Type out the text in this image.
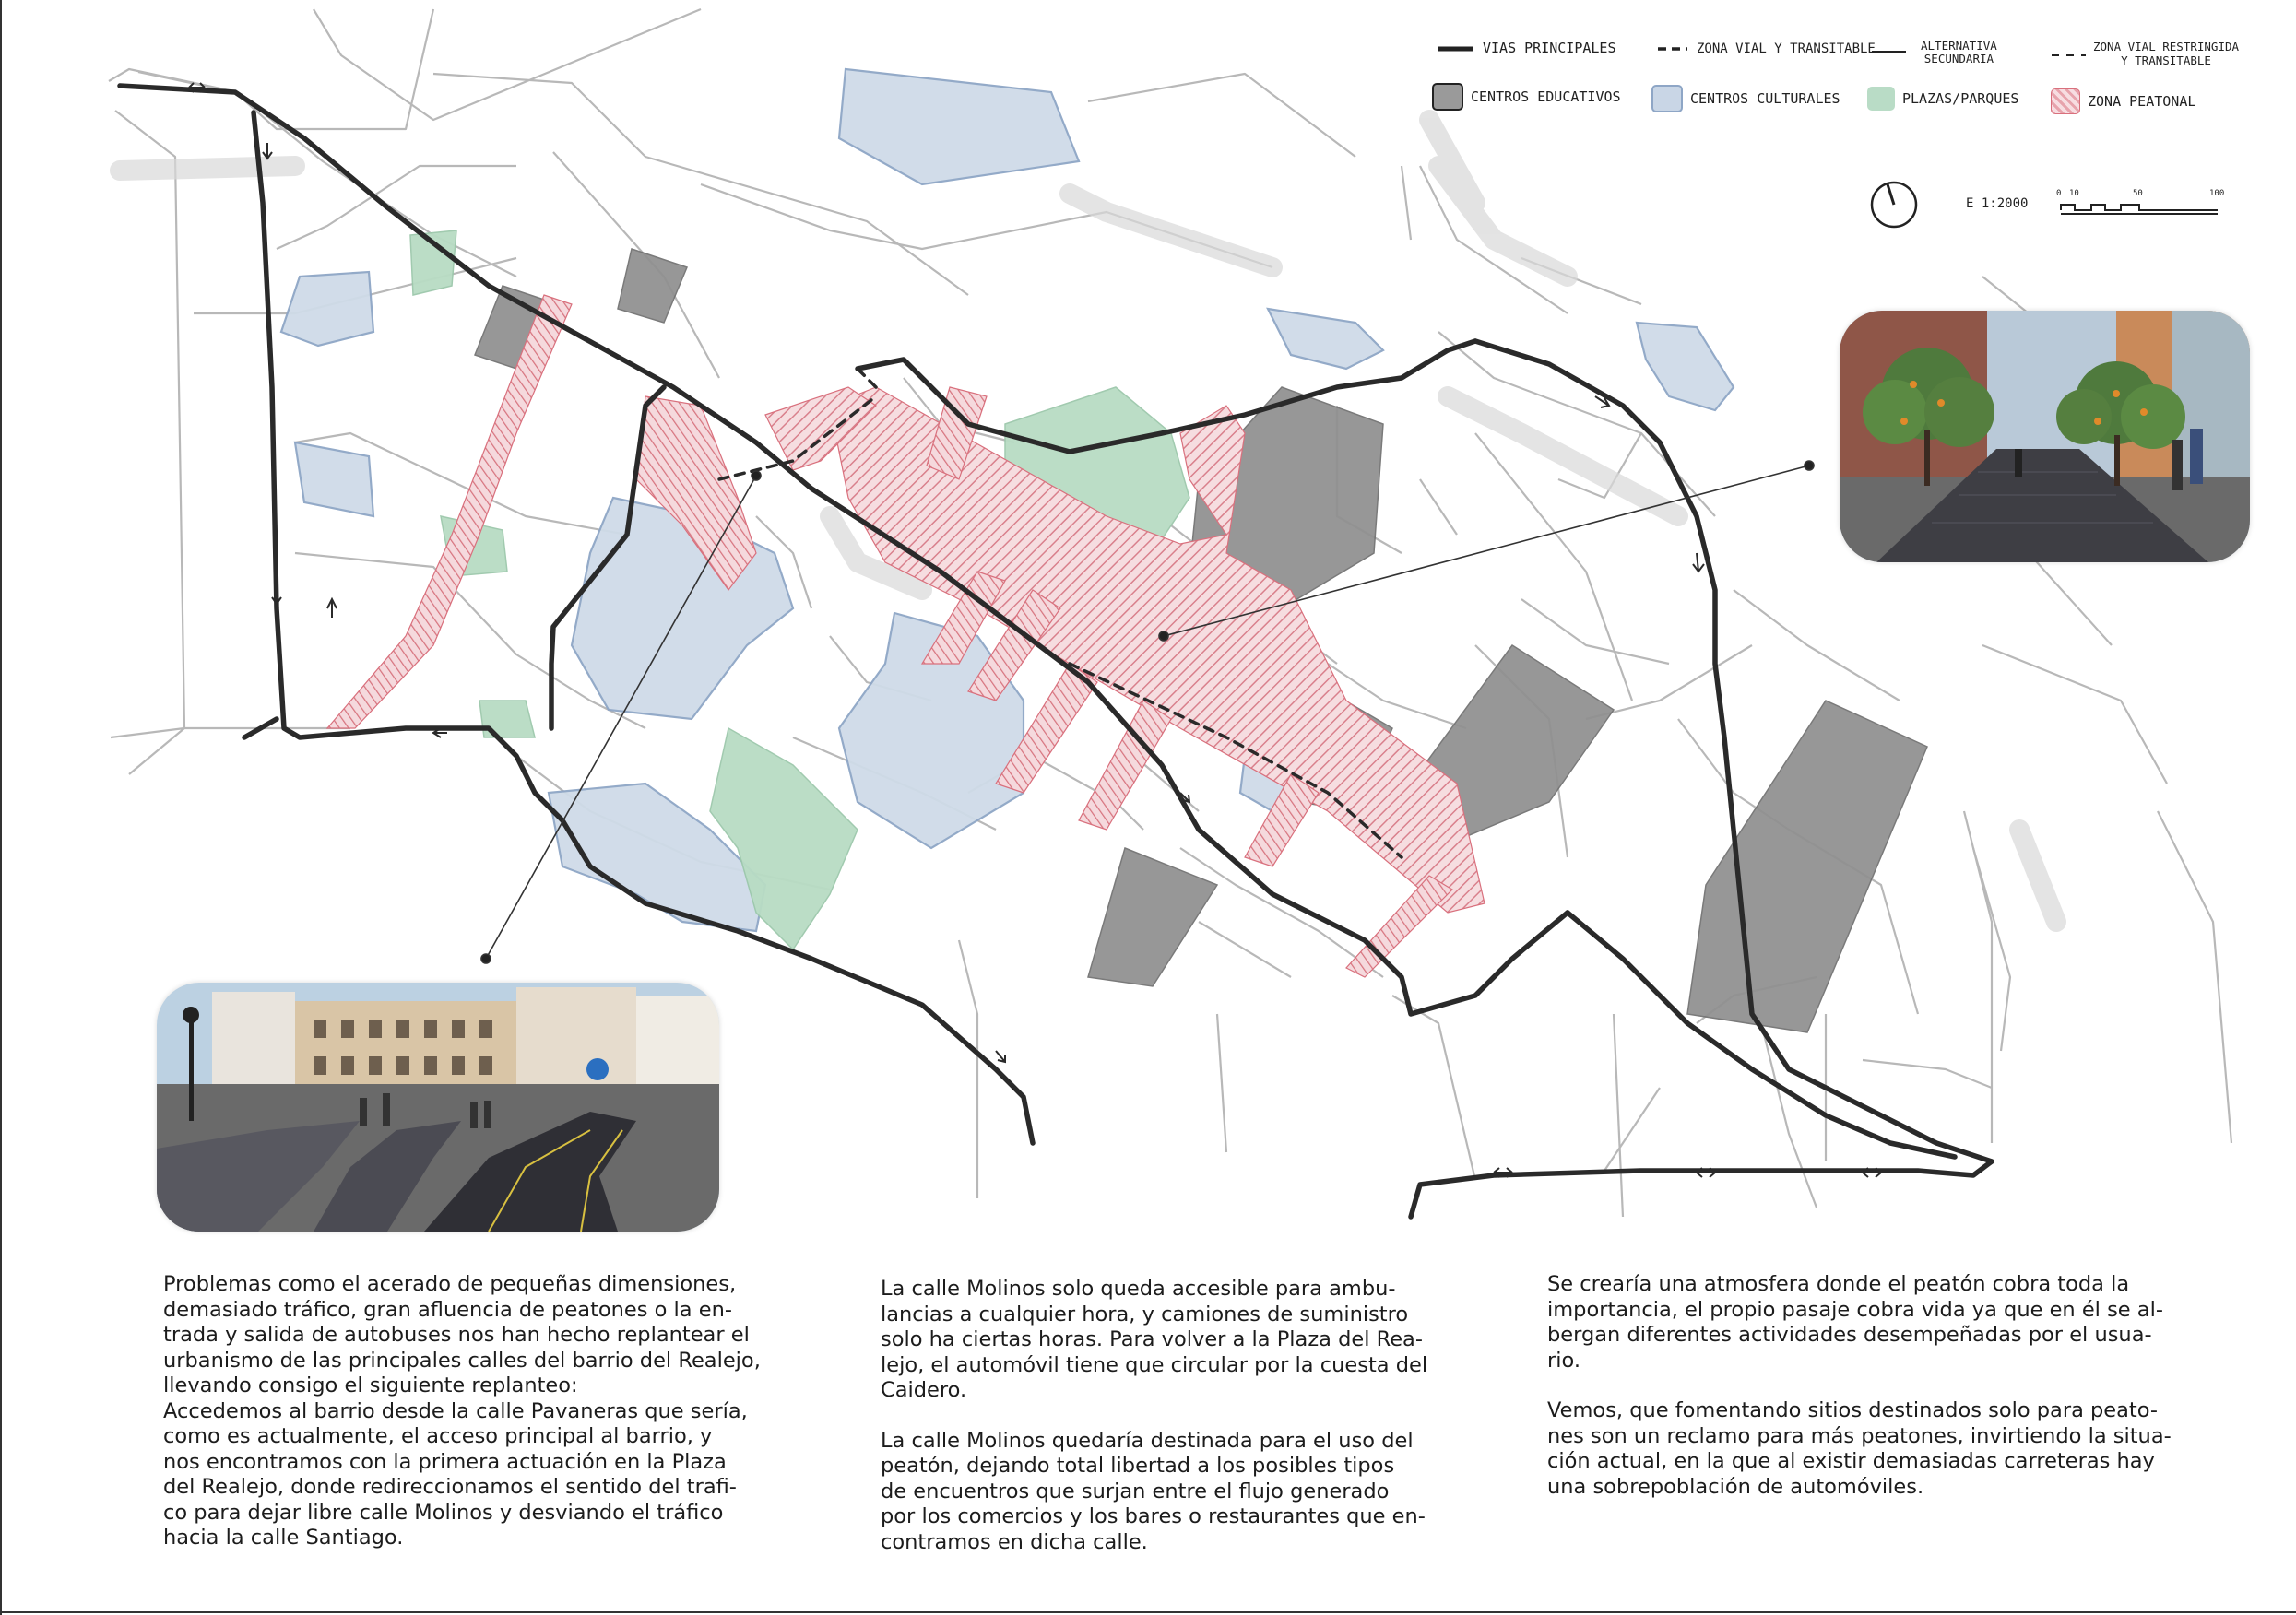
VIAS PRINCIPALES	ZONA VIAL Y TRANSITABLE	ALTERNATIVA
SECUNDARIA
ZONA VIAL RESTRINGIDA
Y TRANSITABLE
CENTROS EDUCATIVOS	CENTROS CULTURALES	PLAZAS/PARQUES	ZONA PEATONAL
E 1:2000
0 10	50	100

Problemas como el acerado de pequeñas dimensiones,
demasiado tráfico, gran afluencia de peatones o la en-
trada y salida de autobuses nos han hecho replantear el
urbanismo de las principales calles del barrio del Realejo,
llevando consigo el siguiente replanteo:
Accedemos al barrio desde la calle Pavaneras que sería,
como es actualmente, el acceso principal al barrio, y
nos encontramos con la primera actuación en la Plaza
del Realejo, donde redireccionamos el sentido del trafi-
co para dejar libre calle Molinos y desviando el tráfico
hacia la calle Santiago.

La calle Molinos solo queda accesible para ambu-
lancias a cualquier hora, y camiones de suministro
solo ha ciertas horas. Para volver a la Plaza del Rea-
lejo, el automóvil tiene que circular por la cuesta del
Caidero.

La calle Molinos quedaría destinada para el uso del
peatón, dejando total libertad a los posibles tipos
de encuentros que surjan entre el flujo generado
por los comercios y los bares o restaurantes que en-
contramos en dicha calle.

Se crearía una atmosfera donde el peatón cobra toda la
importancia, el propio pasaje cobra vida ya que en él se al-
bergan diferentes actividades desempeñadas por el usua-
rio.

Vemos, que fomentando sitios destinados solo para peato-
nes son un reclamo para más peatones, invirtiendo la situa-
ción actual, en la que al existir demasiadas carreteras hay
una sobrepoblación de automóviles.
